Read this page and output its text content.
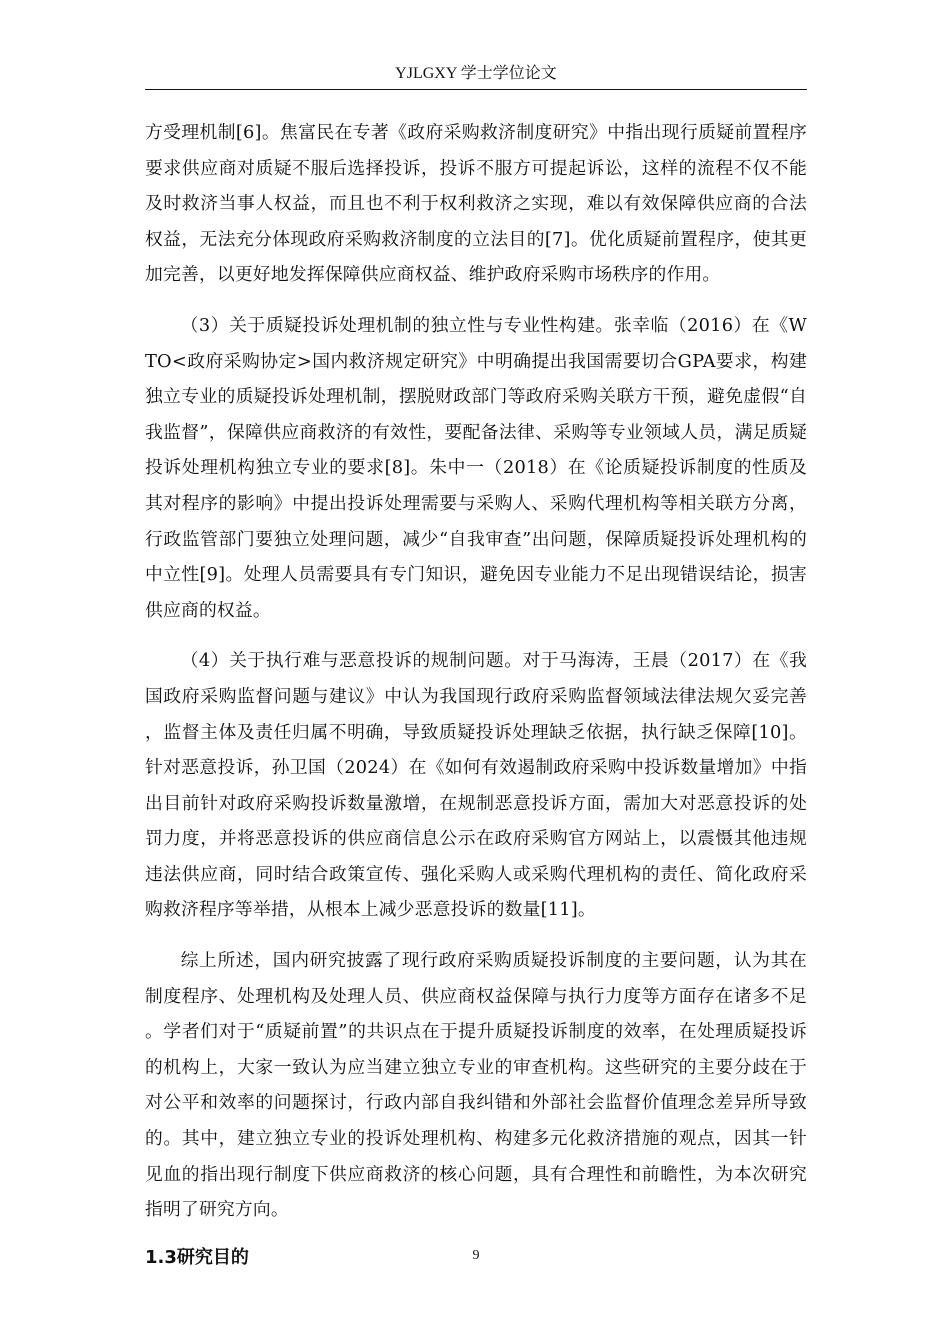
YJLGXY 学士学位论文

方受理机制[6]。焦富民在专著《政府采购救济制度研究》中指出现行质疑前置程序要求供应商对质疑不服后选择投诉，投诉不服方可提起诉讼，这样的流程不仅不能及时救济当事人权益，而且也不利于权利救济之实现，难以有效保障供应商的合法权益，无法充分体现政府采购救济制度的立法目的[7]。优化质疑前置程序，使其更加完善，以更好地发挥保障供应商权益、维护政府采购市场秩序的作用。

（3）关于质疑投诉处理机制的独立性与专业性构建。张幸临（2016）在《WTO<政府采购协定>国内救济规定研究》中明确提出我国需要切合GPA要求，构建独立专业的质疑投诉处理机制，摆脱财政部门等政府采购关联方干预，避免虚假“自我监督”，保障供应商救济的有效性，要配备法律、采购等专业领域人员，满足质疑投诉处理机构独立专业的要求[8]。朱中一（2018）在《论质疑投诉制度的性质及其对程序的影响》中提出投诉处理需要与采购人、采购代理机构等相关联方分离，行政监管部门要独立处理问题，减少“自我审查”出问题，保障质疑投诉处理机构的中立性[9]。处理人员需要具有专门知识，避免因专业能力不足出现错误结论，损害供应商的权益。

（4）关于执行难与恶意投诉的规制问题。对于马海涛，王晨（2017）在《我国政府采购监督问题与建议》中认为我国现行政府采购监督领域法律法规欠妥完善，监督主体及责任归属不明确，导致质疑投诉处理缺乏依据，执行缺乏保障[10]。针对恶意投诉，孙卫国（2024）在《如何有效遏制政府采购中投诉数量增加》中指出目前针对政府采购投诉数量激增，在规制恶意投诉方面，需加大对恶意投诉的处罚力度，并将恶意投诉的供应商信息公示在政府采购官方网站上，以震慑其他违规违法供应商，同时结合政策宣传、强化采购人或采购代理机构的责任、简化政府采购救济程序等举措，从根本上减少恶意投诉的数量[11]。

综上所述，国内研究披露了现行政府采购质疑投诉制度的主要问题，认为其在制度程序、处理机构及处理人员、供应商权益保障与执行力度等方面存在诸多不足。学者们对于“质疑前置”的共识点在于提升质疑投诉制度的效率，在处理质疑投诉的机构上，大家一致认为应当建立独立专业的审查机构。这些研究的主要分歧在于对公平和效率的问题探讨，行政内部自我纠错和外部社会监督价值理念差异所导致的。其中，建立独立专业的投诉处理机构、构建多元化救济措施的观点，因其一针见血的指出现行制度下供应商救济的核心问题，具有合理性和前瞻性，为本次研究指明了研究方向。

1.3研究目的	9
